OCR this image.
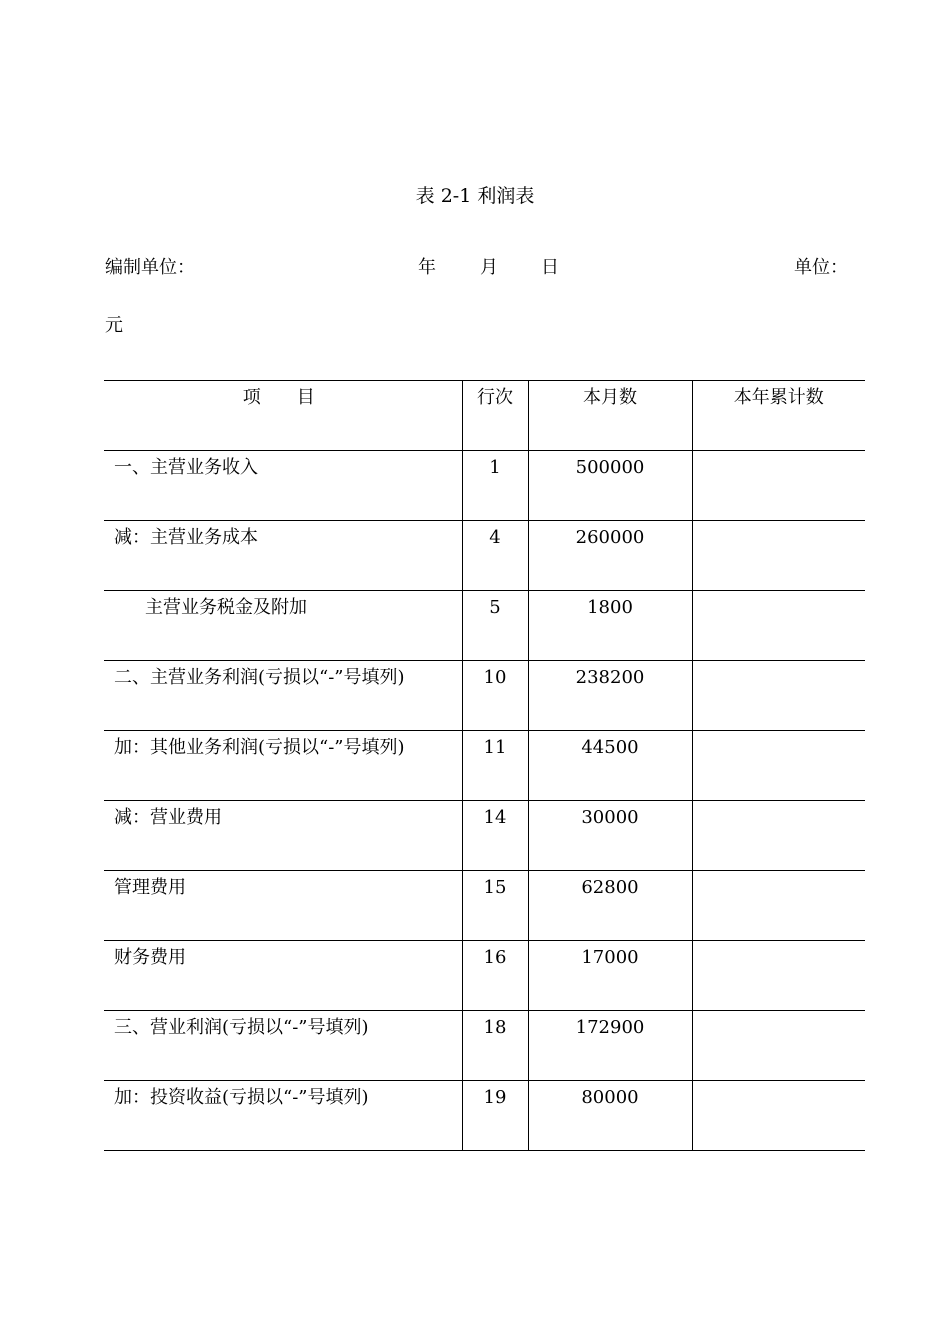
表 2-1 利润表
编制单位：	年 月 日	单位：
元
项　　目	行次	本月数	本年累计数
一、主营业务收入	1	500000	
减：主营业务成本	4	260000	
主营业务税金及附加	5	1800	
二、主营业务利润(亏损以“-”号填列)	10	238200	
加：其他业务利润(亏损以“-”号填列)	11	44500	
减：营业费用	14	30000	
管理费用	15	62800	
财务费用	16	17000	
三、营业利润(亏损以“-”号填列)	18	172900	
加：投资收益(亏损以“-”号填列)	19	80000	
